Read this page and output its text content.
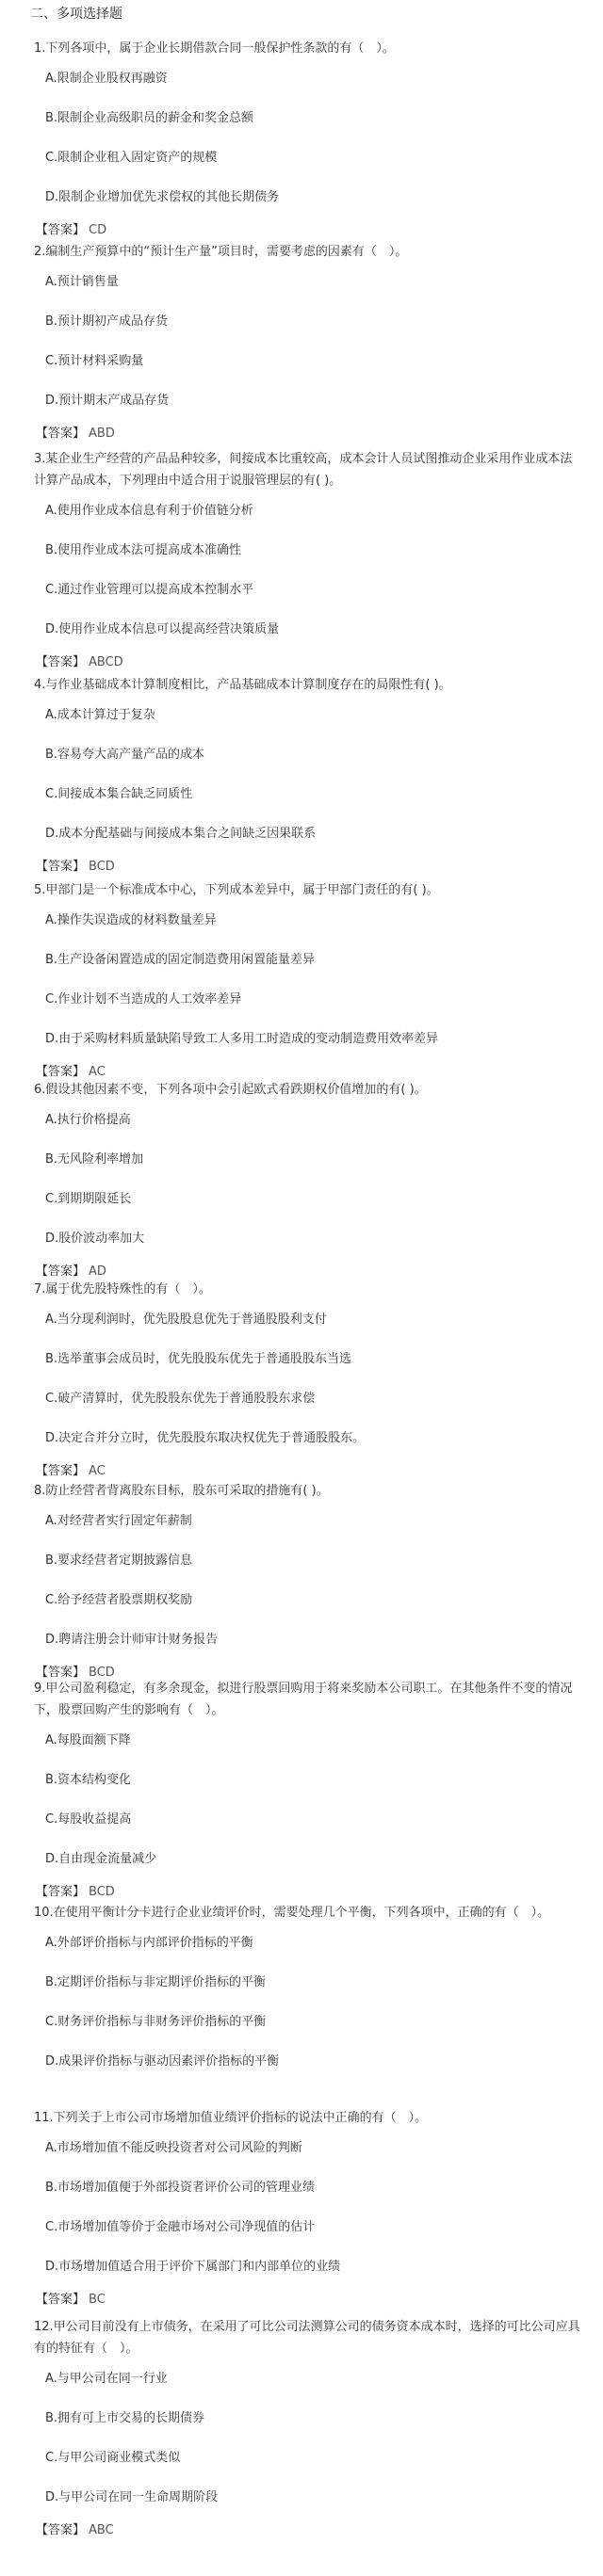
二、多项选择题
1.下列各项中，属于企业长期借款合同一般保护性条款的有（　）。
A.限制企业股权再融资
B.限制企业高级职员的薪金和奖金总额
C.限制企业租入固定资产的规模
D.限制企业增加优先求偿权的其他长期债务
【答案】 CD
2.编制生产预算中的“预计生产量”项目时，需要考虑的因素有（　）。
A.预计销售量
B.预计期初产成品存货
C.预计材料采购量
D.预计期末产成品存货
【答案】 ABD
3.某企业生产经营的产品品种较多，间接成本比重较高，成本会计人员试图推动企业采用作业成本法计算产品成本，下列理由中适合用于说服管理层的有( )。
A.使用作业成本信息有利于价值链分析
B.使用作业成本法可提高成本准确性
C.通过作业管理可以提高成本控制水平
D.使用作业成本信息可以提高经营决策质量
【答案】 ABCD
4.与作业基础成本计算制度相比，产品基础成本计算制度存在的局限性有( )。
A.成本计算过于复杂
B.容易夸大高产量产品的成本
C.间接成本集合缺乏同质性
D.成本分配基础与间接成本集合之间缺乏因果联系
【答案】 BCD
5.甲部门是一个标准成本中心，下列成本差异中，属于甲部门责任的有( )。
A.操作失误造成的材料数量差异
B.生产设备闲置造成的固定制造费用闲置能量差异
C.作业计划不当造成的人工效率差异
D.由于采购材料质量缺陷导致工人多用工时造成的变动制造费用效率差异
【答案】 AC
6.假设其他因素不变，下列各项中会引起欧式看跌期权价值增加的有( )。
A.执行价格提高
B.无风险利率增加
C.到期期限延长
D.股价波动率加大
【答案】 AD
7.属于优先股特殊性的有（　）。
A.当分现利润时，优先股股息优先于普通股股利支付
B.选举董事会成员时，优先股股东优先于普通股股东当选
C.破产清算时，优先股股东优先于普通股股东求偿
D.决定合并分立时，优先股股东取决权优先于普通股股东。
【答案】 AC
8.防止经营者背离股东目标，股东可采取的措施有( )。
A.对经营者实行固定年薪制
B.要求经营者定期披露信息
C.给予经营者股票期权奖励
D.聘请注册会计师审计财务报告
【答案】 BCD
9.甲公司盈利稳定，有多余现金，拟进行股票回购用于将来奖励本公司职工。在其他条件不变的情况下，股票回购产生的影响有（　）。
A.每股面额下降
B.资本结构变化
C.每股收益提高
D.自由现金流量减少
【答案】 BCD
10.在使用平衡计分卡进行企业业绩评价时，需要处理几个平衡，下列各项中，正确的有（　）。
A.外部评价指标与内部评价指标的平衡
B.定期评价指标与非定期评价指标的平衡
C.财务评价指标与非财务评价指标的平衡
D.成果评价指标与驱动因素评价指标的平衡
11.下列关于上市公司市场增加值业绩评价指标的说法中正确的有（　）。
A.市场增加值不能反映投资者对公司风险的判断
B.市场增加值便于外部投资者评价公司的管理业绩
C.市场增加值等价于金融市场对公司净现值的估计
D.市场增加值适合用于评价下属部门和内部单位的业绩
【答案】 BC
12.甲公司目前没有上市债务，在采用了可比公司法测算公司的债务资本成本时，选择的可比公司应具有的特征有（　）。
A.与甲公司在同一行业
B.拥有可上市交易的长期债券
C.与甲公司商业模式类似
D.与甲公司在同一生命周期阶段
【答案】 ABC
